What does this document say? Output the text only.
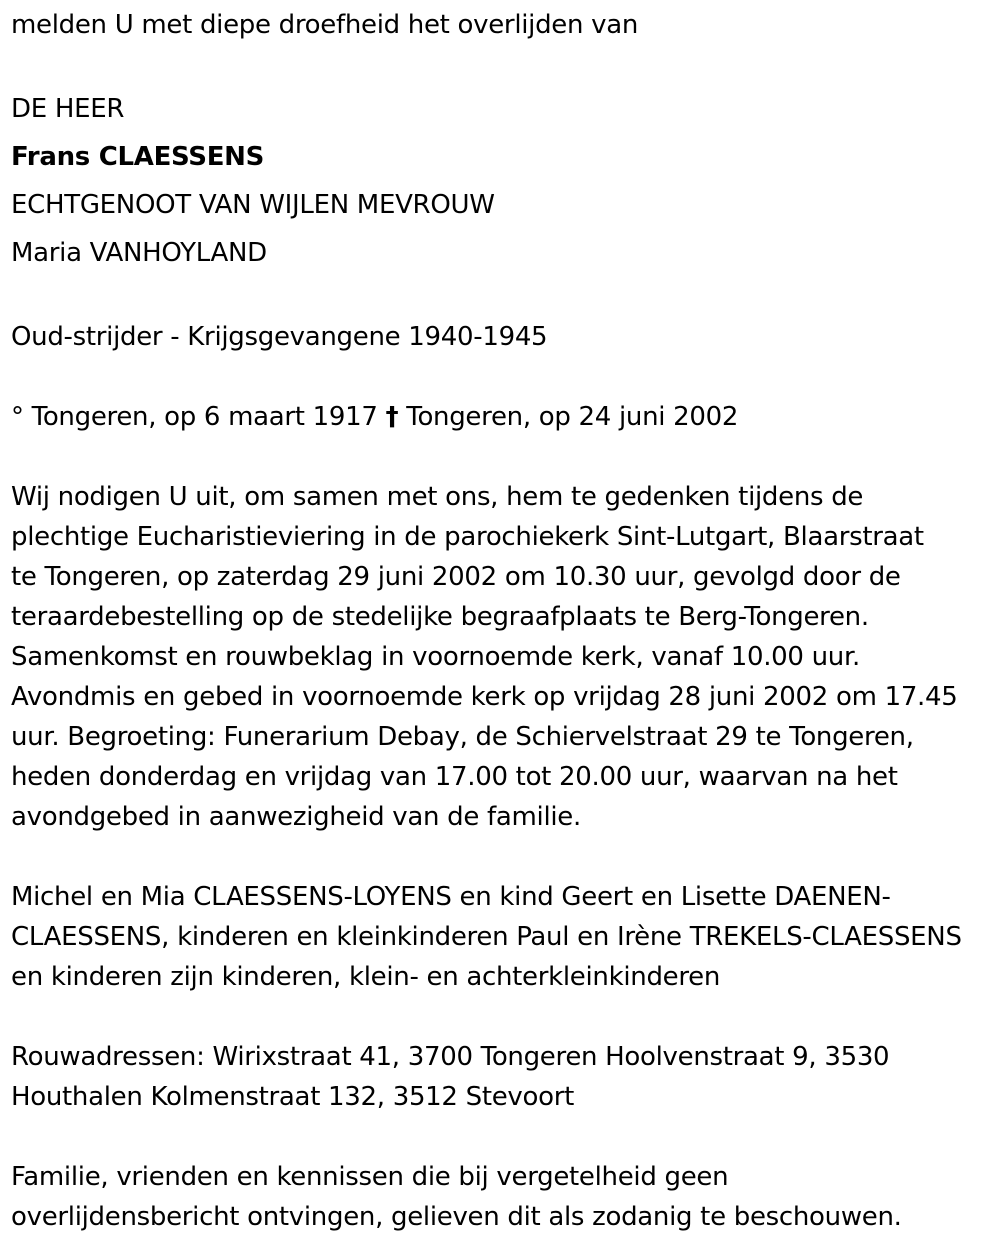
melden U met diepe droefheid het overlijden van
DE HEER
Frans CLAESSENS
ECHTGENOOT VAN WIJLEN MEVROUW
Maria VANHOYLAND
Oud-strijder - Krijgsgevangene 1940-1945
° Tongeren, op 6 maart 1917 † Tongeren, op 24 juni 2002
Wij nodigen U uit, om samen met ons, hem te gedenken tijdens de
plechtige Eucharistieviering in de parochiekerk Sint-Lutgart, Blaarstraat
te Tongeren, op zaterdag 29 juni 2002 om 10.30 uur, gevolgd door de
teraardebestelling op de stedelijke begraafplaats te Berg-Tongeren.
Samenkomst en rouwbeklag in voornoemde kerk, vanaf 10.00 uur.
Avondmis en gebed in voornoemde kerk op vrijdag 28 juni 2002 om 17.45
uur. Begroeting: Funerarium Debay, de Schiervelstraat 29 te Tongeren,
heden donderdag en vrijdag van 17.00 tot 20.00 uur, waarvan na het
avondgebed in aanwezigheid van de familie.
Michel en Mia CLAESSENS-LOYENS en kind Geert en Lisette DAENEN-
CLAESSENS, kinderen en kleinkinderen Paul en Irène TREKELS-CLAESSENS
en kinderen zijn kinderen, klein- en achterkleinkinderen
Rouwadressen: Wirixstraat 41, 3700 Tongeren Hoolvenstraat 9, 3530
Houthalen Kolmenstraat 132, 3512 Stevoort
Familie, vrienden en kennissen die bij vergetelheid geen
overlijdensbericht ontvingen, gelieven dit als zodanig te beschouwen.
